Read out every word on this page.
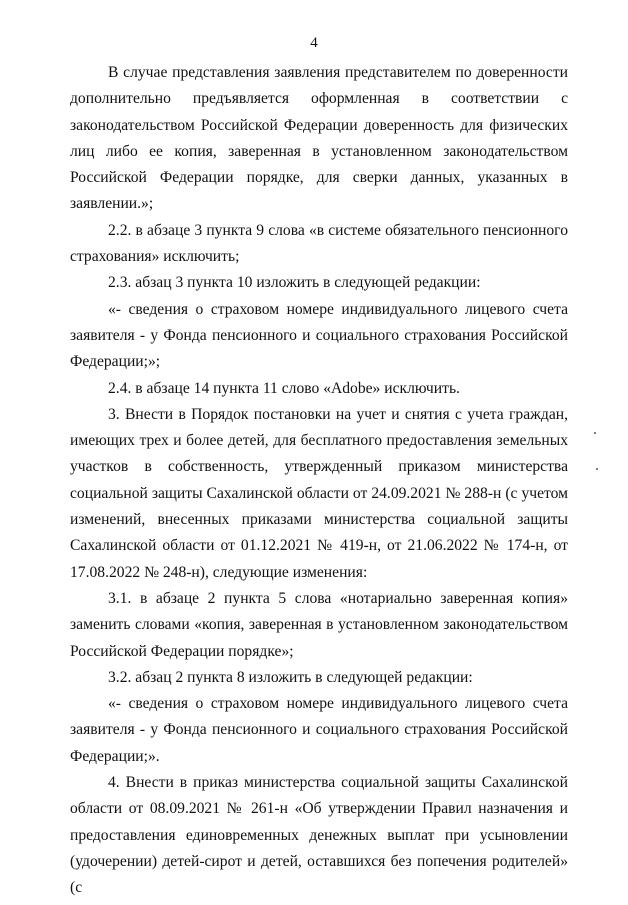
4

В случае представления заявления представителем по доверенности дополнительно предъявляется оформленная в соответствии с законодательством Российской Федерации доверенность для физических лиц либо ее копия, заверенная в установленном законодательством Российской Федерации порядке, для сверки данных, указанных в заявлении.»;

2.2. в абзаце 3 пункта 9 слова «в системе обязательного пенсионного страхования» исключить;

2.3. абзац 3 пункта 10 изложить в следующей редакции:

«- сведения о страховом номере индивидуального лицевого счета заявителя - у Фонда пенсионного и социального страхования Российской Федерации;»;

2.4. в абзаце 14 пункта 11 слово «Adobe» исключить.

3. Внести в Порядок постановки на учет и снятия с учета граждан, имеющих трех и более детей, для бесплатного предоставления земельных участков в собственность, утвержденный приказом министерства социальной защиты Сахалинской области от 24.09.2021 № 288-н (с учетом изменений, внесенных приказами министерства социальной защиты Сахалинской области от 01.12.2021 № 419-н, от 21.06.2022 № 174-н, от 17.08.2022 № 248-н), следующие изменения:

3.1. в абзаце 2 пункта 5 слова «нотариально заверенная копия» заменить словами «копия, заверенная в установленном законодательством Российской Федерации порядке»;

3.2. абзац 2 пункта 8 изложить в следующей редакции:

«- сведения о страховом номере индивидуального лицевого счета заявителя - у Фонда пенсионного и социального страхования Российской Федерации;».

4. Внести в приказ министерства социальной защиты Сахалинской области от 08.09.2021 № 261-н «Об утверждении Правил назначения и предоставления единовременных денежных выплат при усыновлении (удочерении) детей-сирот и детей, оставшихся без попечения родителей» (с
